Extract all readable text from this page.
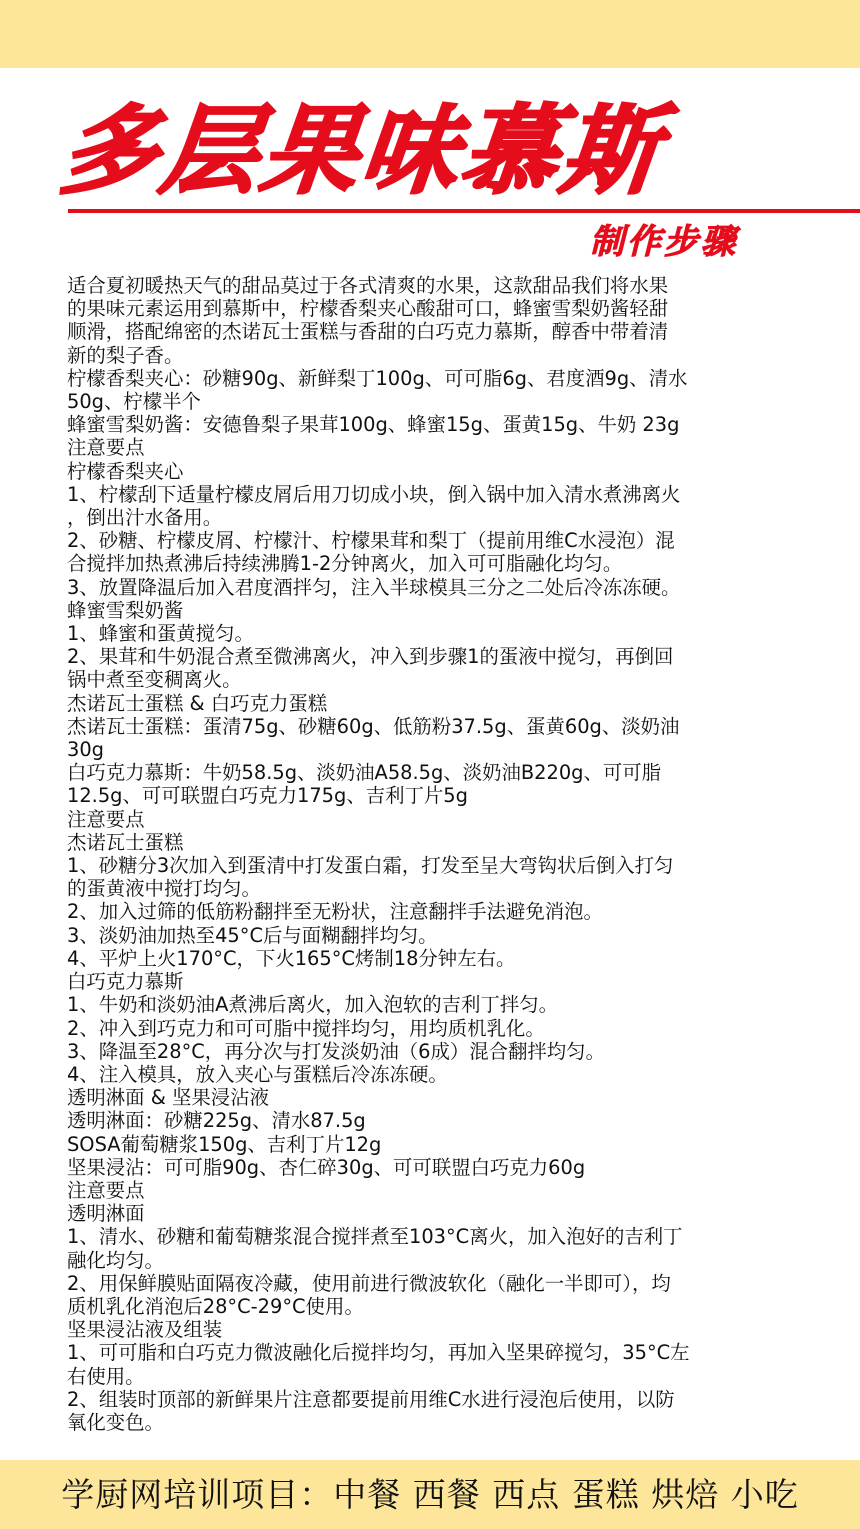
多层果味慕斯
制作步骤
适合夏初暖热天气的甜品莫过于各式清爽的水果，这款甜品我们将水果
的果味元素运用到慕斯中，柠檬香梨夹心酸甜可口，蜂蜜雪梨奶酱轻甜
顺滑，搭配绵密的杰诺瓦士蛋糕与香甜的白巧克力慕斯，醇香中带着清
新的梨子香。
柠檬香梨夹心：砂糖90g、新鲜梨丁100g、可可脂6g、君度酒9g、清水
50g、柠檬半个
蜂蜜雪梨奶酱：安德鲁梨子果茸100g、蜂蜜15g、蛋黄15g、牛奶 23g
注意要点
柠檬香梨夹心
1、柠檬刮下适量柠檬皮屑后用刀切成小块，倒入锅中加入清水煮沸离火
，倒出汁水备用。
2、砂糖、柠檬皮屑、柠檬汁、柠檬果茸和梨丁（提前用维C水浸泡）混
合搅拌加热煮沸后持续沸腾1-2分钟离火，加入可可脂融化均匀。
3、放置降温后加入君度酒拌匀，注入半球模具三分之二处后冷冻冻硬。
蜂蜜雪梨奶酱
1、蜂蜜和蛋黄搅匀。
2、果茸和牛奶混合煮至微沸离火，冲入到步骤1的蛋液中搅匀，再倒回
锅中煮至变稠离火。
杰诺瓦士蛋糕 & 白巧克力蛋糕
杰诺瓦士蛋糕：蛋清75g、砂糖60g、低筋粉37.5g、蛋黄60g、淡奶油
30g
白巧克力慕斯：牛奶58.5g、淡奶油A58.5g、淡奶油B220g、可可脂
12.5g、可可联盟白巧克力175g、吉利丁片5g
注意要点
杰诺瓦士蛋糕
1、砂糖分3次加入到蛋清中打发蛋白霜，打发至呈大弯钩状后倒入打匀
的蛋黄液中搅打均匀。
2、加入过筛的低筋粉翻拌至无粉状，注意翻拌手法避免消泡。
3、淡奶油加热至45°C后与面糊翻拌均匀。
4、平炉上火170°C，下火165°C烤制18分钟左右。
白巧克力慕斯
1、牛奶和淡奶油A煮沸后离火，加入泡软的吉利丁拌匀。
2、冲入到巧克力和可可脂中搅拌均匀，用均质机乳化。
3、降温至28°C，再分次与打发淡奶油（6成）混合翻拌均匀。
4、注入模具，放入夹心与蛋糕后冷冻冻硬。
透明淋面 & 坚果浸沾液
透明淋面：砂糖225g、清水87.5g
SOSA葡萄糖浆150g、吉利丁片12g
坚果浸沾：可可脂90g、杏仁碎30g、可可联盟白巧克力60g
注意要点
透明淋面
1、清水、砂糖和葡萄糖浆混合搅拌煮至103°C离火，加入泡好的吉利丁
融化均匀。
2、用保鲜膜贴面隔夜冷藏，使用前进行微波软化（融化一半即可），均
质机乳化消泡后28°C-29°C使用。
坚果浸沾液及组装
1、可可脂和白巧克力微波融化后搅拌均匀，再加入坚果碎搅匀，35°C左
右使用。
2、组装时顶部的新鲜果片注意都要提前用维C水进行浸泡后使用，以防
氧化变色。
学厨网培训项目：中餐 西餐 西点 蛋糕 烘焙 小吃
